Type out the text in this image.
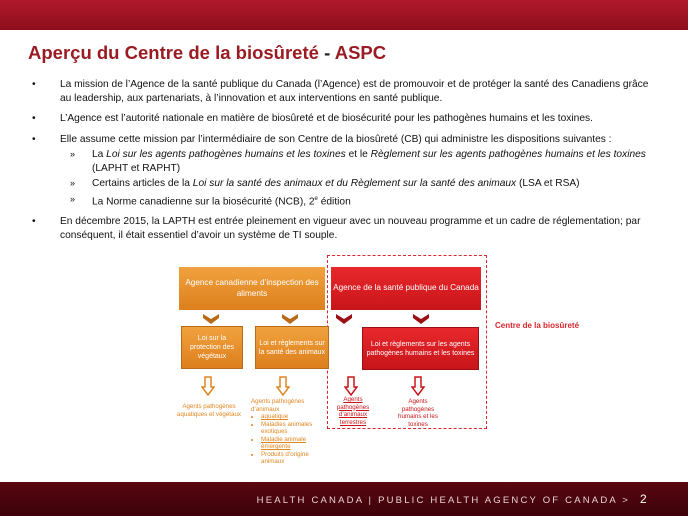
Aperçu du Centre de la biosûreté - ASPC
• La mission de l’Agence de la santé publique du Canada (l’Agence) est de promouvoir et de protéger la santé des Canadiens grâce au leadership, aux partenariats, à l’innovation et aux interventions en santé publique.
• L’Agence est l’autorité nationale en matière de biosûreté et de biosécurité pour les pathogènes humains et les toxines.
• Elle assume cette mission par l’intermédiaire de son Centre de la biosûreté (CB) qui administre les dispositions suivantes :
» La Loi sur les agents pathogènes humains et les toxines et le Règlement sur les agents pathogènes humains et les toxines (LAPHT et RAPHT)
» Certains articles de la Loi sur la santé des animaux et du Règlement sur la santé des animaux (LSA et RSA)
» La Norme canadienne sur la biosécurité (NCB), 2e édition
• En décembre 2015, la LAPTH est entrée pleinement en vigueur avec un nouveau programme et un cadre de réglementation; par conséquent, il était essentiel d’avoir un système de TI souple.
Agence canadienne d’inspection des aliments
Agence de la santé publique du Canada
Loi sur la protection des végétaux
Loi et règlements sur la santé des animaux
Loi et règlements sur les agents pathogènes humains et les toxines
Centre de la biosûreté
Agents pathogènes aquatiques et végétaux
Agents pathogènes d’animaux
• aquatique
• Maladies animales exotiques
• Maladie animale émergente
• Produits d’origine animaux
Agents pathogènes d’animaux terrestres
Agents pathogènes humains et les toxines
HEALTH CANADA | PUBLIC HEALTH AGENCY OF CANADA > 2
